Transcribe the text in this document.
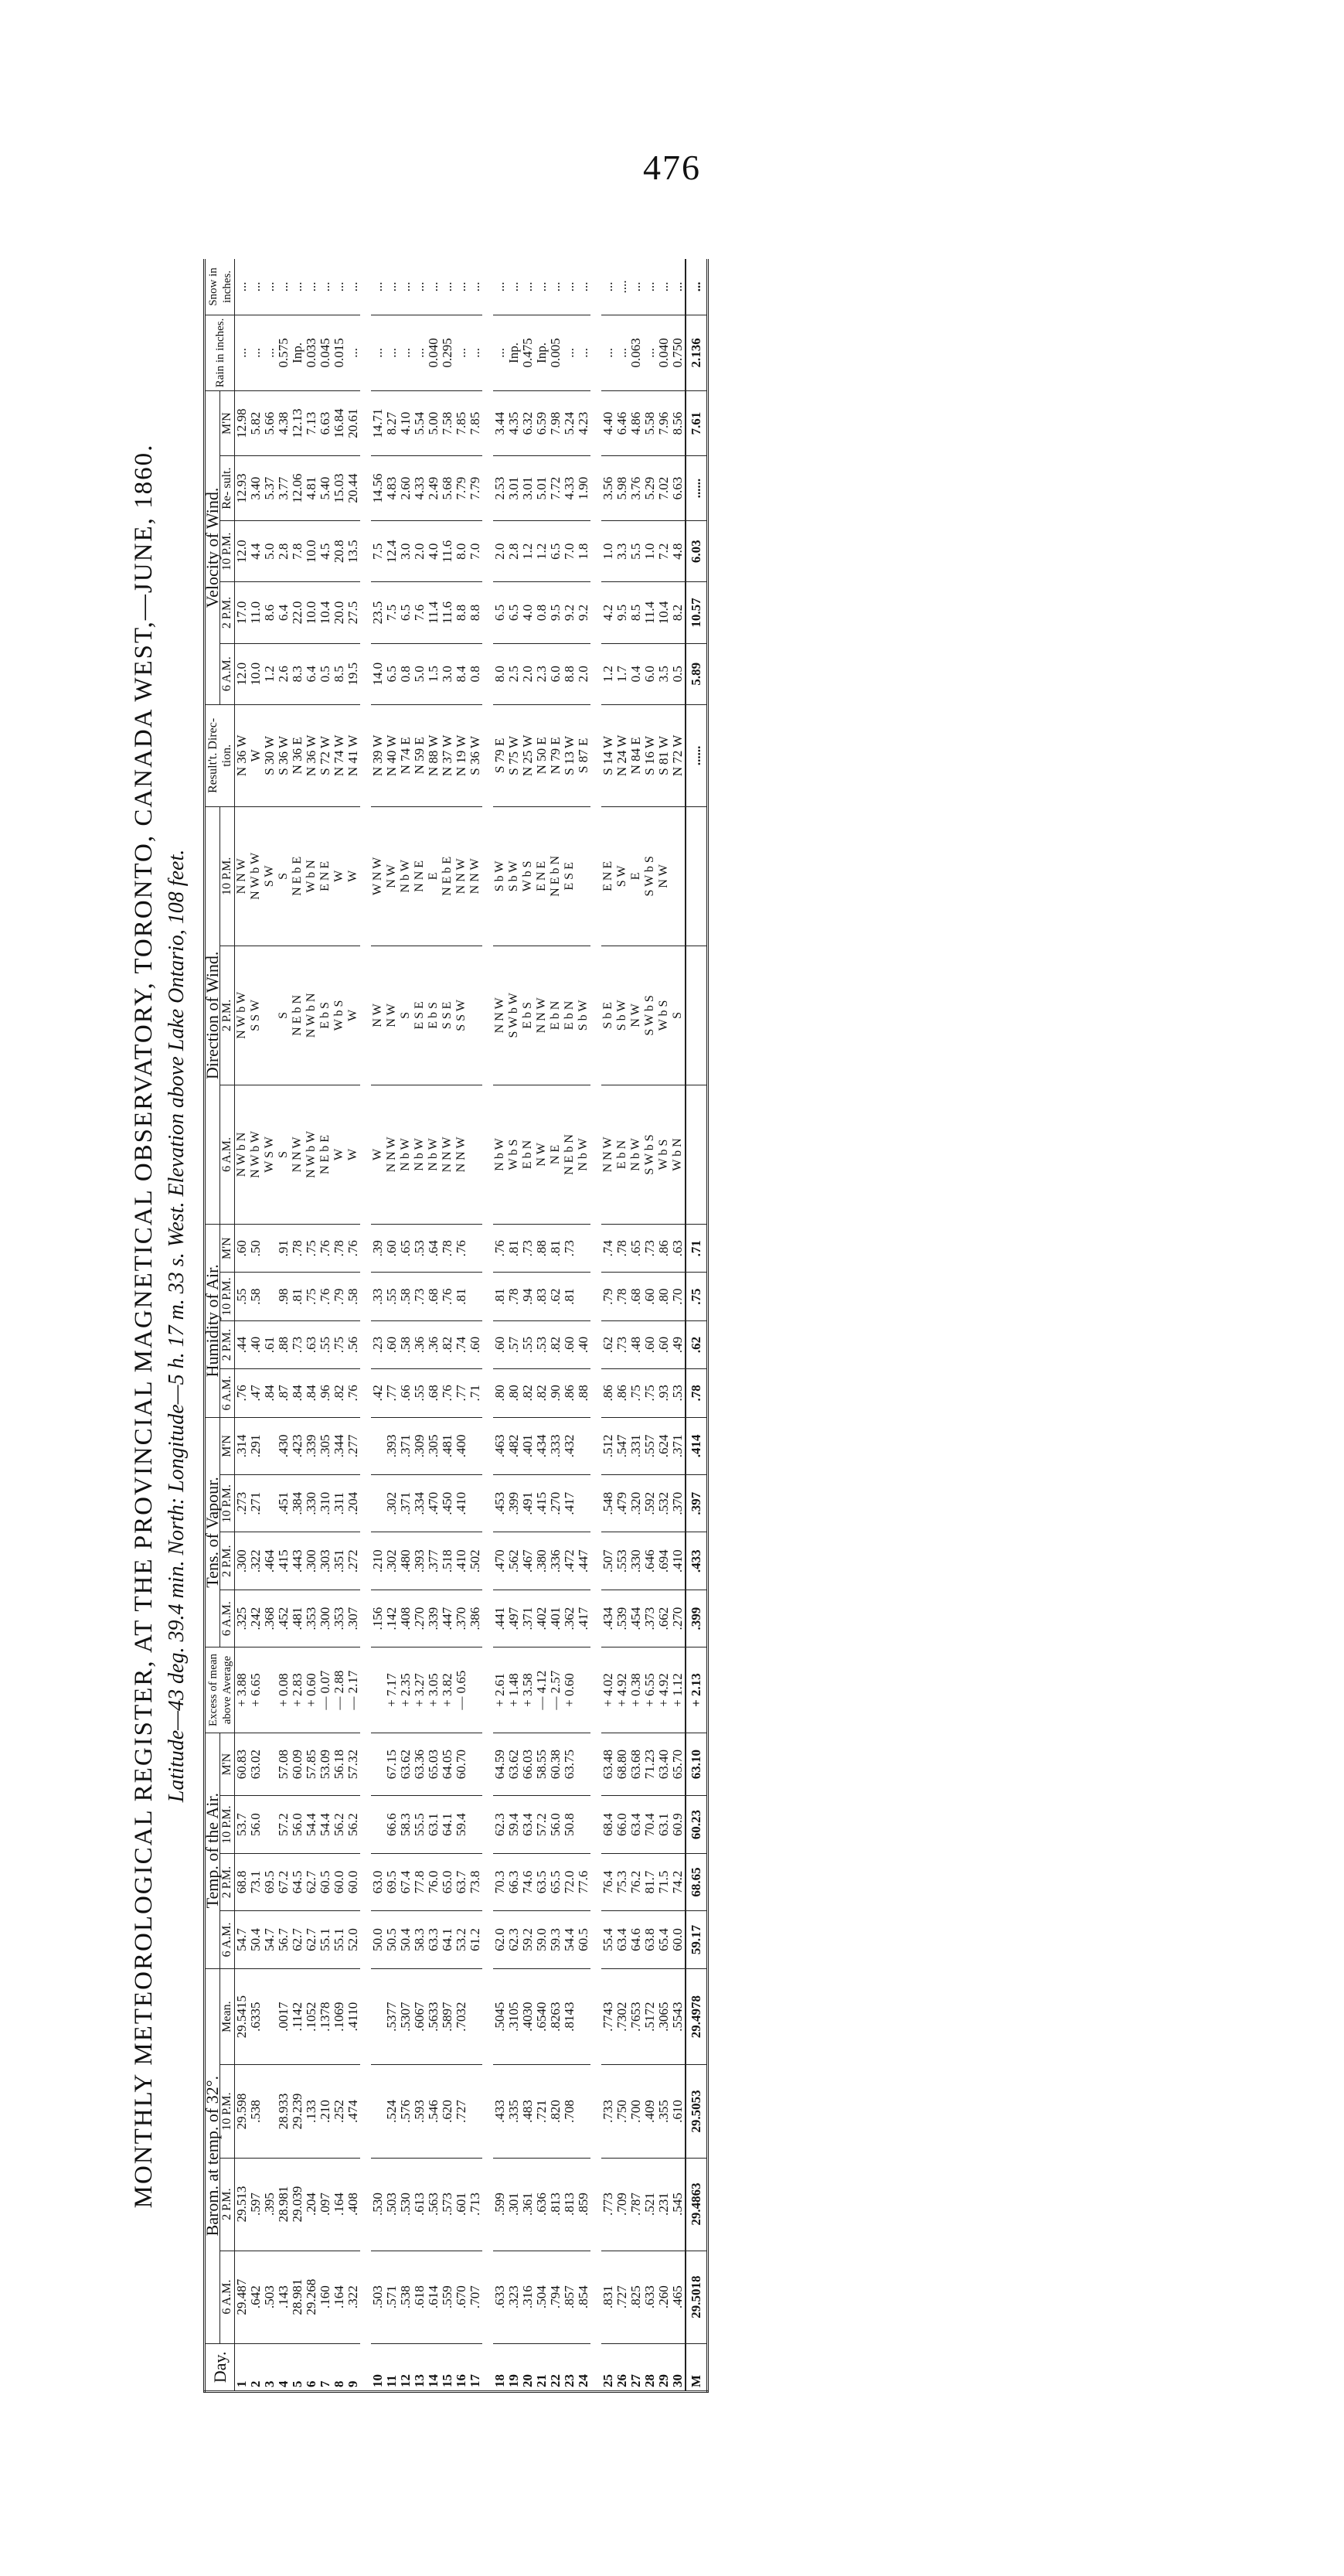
476
MONTHLY METEOROLOGICAL REGISTER, AT THE PROVINCIAL MAGNETICAL OBSERVATORY, TORONTO, CANADA WEST,—JUNE, 1860. Latitude—43 deg. 39.4 min. North: Longitude—5 h. 17 m. 33 s. West. Elevation above Lake Ontario, 108 feet.
Day.	Barom. at temp. of 32°.				Temp. of the Air.				Excess of mean above Average	Tens. of Vapour.				Humidity of Air.				Direction of Wind.			Result't. Direc- tion.	Velocity of Wind.					Rain in inches.	Snow in inches.
	6 A.M.	2 P.M.	10 P.M.	Mean.	6 A.M.	2 P.M.	10 P.M.	M'N		6 A.M.	2 P.M.	10 P.M.	M'N	6 A.M.	2 P.M.	10 P.M.	M'N	6 A.M.	2 P.M.	10 P.M.		6 A.M.	2 P.M.	10 P.M.	Re- sult.	M'N		
1	29.487	29.513	29.598	29.5415	54.7	68.8	53.7	60.83	+ 3.88	.325	.300	.273	.314	.76	.44	.55	.60	N W b N	N W b W	N N W	N 36 W	12.0	17.0	12.0	12.93	12.98	...	...
2	.642	.597	.538	.6335	50.4	73.1	56.0	63.02	+ 6.65	.242	.322	.271	.291	.47	.40	.58	.50	N W b W	S S W	N W b W	W	10.0	11.0	4.4	3.40	5.82	...	...
3	.503	.395			54.7	69.5				.368	.464			.84	.61			W S W		S W	S 30 W	1.2	8.6	5.0	5.37	5.66	...	...
4	.143	28.981	28.933	.0017	56.7	67.2	57.2	57.08	+ 0.08	.452	.415	.451	.430	.87	.88	.98	.91	S	S	S	S 36 W	2.6	6.4	2.8	3.77	4.38	0.575	...
5	28.981	29.039	29.239	.1142	62.7	64.5	56.0	60.09	+ 2.83	.481	.443	.384	.423	.84	.73	.81	.78	N N W	N E b N	N E b E	N 36 E	8.3	22.0	7.8	12.06	12.13	Inp.	...
6	29.268	.204	.133	.1052	62.7	62.7	54.4	57.85	+ 0.60	.353	.300	.330	.339	.84	.63	.75	.75	N W b W	N W b N	W b N	N 36 W	6.4	10.0	10.0	4.81	7.13	0.033	...
7	.160	.097	.210	.1378	55.1	60.5	54.4	53.09	— 0.07	.300	.303	.310	.305	.96	.55	.76	.76	N E b E	E b S	E N E	S 72 W	0.5	10.4	4.5	5.40	6.63	0.045	...
8	.164	.164	.252	.1069	55.1	60.0	56.2	56.18	— 2.88	.353	.351	.311	.344	.82	.75	.79	.78	W	W b S	W	N 74 W	8.5	20.0	20.8	15.03	16.84	0.015	...
9	.322	.408	.474	.4110	52.0	60.0	56.2	57.32	— 2.17	.307	.272	.204	.277	.76	.56	.58	.76	W	W	W	N 41 W	19.5	27.5	13.5	20.44	20.61	...	...

10	.503	.530			50.0	63.0				.156	.210			.42	.23	.33	.39	W	N W	W N W	N 39 W	14.0	23.5	7.5	14.56	14.71	...	...
11	.571	.503	.524	.5377	50.5	69.5	66.6	67.15	+ 7.17	.142	.302	.302	.393	.77	.60	.55	.60	N N W	N W	N W	N 40 W	6.5	7.5	12.4	4.83	8.27	...	...
12	.538	.530	.576	.5307	50.4	67.4	58.3	63.62	+ 2.35	.408	.480	.371	.371	.66	.58	.58	.65	N b W	S	N b W	N 74 E	0.8	6.5	3.0	2.60	4.10	...	...
13	.618	.613	.593	.6067	58.3	77.8	55.5	63.36	+ 3.27	.270	.393	.334	.309	.55	.36	.73	.53	N b W	E S E	N N E	N 59 E	5.0	7.6	2.0	4.33	5.54	...	...
14	.614	.563	.546	.5633	63.3	76.0	63.1	65.03	+ 3.05	.339	.377	.470	.305	.68	.36	.68	.64	N b W	E b S	E	N 88 W	1.5	11.4	4.0	2.49	5.00	0.040	...
15	.559	.573	.620	.5897	64.1	65.0	64.1	64.05	+ 3.82	.447	.518	.450	.481	.76	.82	.76	.78	N N W	S S E	N E b E	N 37 W	3.0	11.6	11.6	5.68	7.58	0.295	...
16	.670	.601	.727	.7032	53.2	63.7	59.4	60.70	— 0.65	.370	.410	.410	.400	.77	.74	.81	.76	N N W	S S W	N N W	N 19 W	8.4	8.8	8.0	7.79	7.85	...	...
17	.707	.713			61.2	73.8				.386	.502			.71	.60					N N W	S 36 W	0.8	8.8	7.0	7.79	7.85	...	...

18	.633	.599	.433	.5045	62.0	70.3	62.3	64.59	+ 2.61	.441	.470	.453	.463	.80	.60	.81	.76	N b W	N N W	S b W	S 79 E	8.0	6.5	2.0	2.53	3.44	...	...
19	.323	.301	.335	.3105	62.3	66.3	59.4	63.62	+ 1.48	.497	.562	.399	.482	.80	.57	.78	.81	W b S	S W b W	S b W	S 75 W	2.5	6.5	2.8	3.01	4.35	Inp.	...
20	.316	.361	.483	.4030	59.2	74.6	63.4	66.03	+ 3.58	.371	.467	.491	.401	.82	.55	.94	.73	E b N	E b S	W b S	N 25 W	2.0	4.0	1.2	3.01	6.32	0.475	...
21	.504	.636	.721	.6540	59.0	63.5	57.2	58.55	— 4.12	.402	.380	.415	.434	.82	.53	.83	.88	N W	N N W	E N E	N 50 E	2.3	0.8	1.2	5.01	6.59	Inp.	...
22	.794	.813	.820	.8263	59.3	65.5	56.0	60.38	— 2.57	.401	.336	.270	.333	.90	.82	.62	.81	N E	E b N	N E b N	N 79 E	6.0	9.5	6.5	7.72	7.98	0.005	...
23	.857	.813	.708	.8143	54.4	72.0	50.8	63.75	+ 0.60	.362	.472	.417	.432	.86	.60	.81	.73	N E b N	E b N	E S E	S 13 W	8.8	9.2	7.0	4.33	5.24	...	...
24	.854	.859			60.5	77.6				.417	.447			.88	.40			N b W	S b W		S 87 E	2.0	9.2	1.8	1.90	4.23	...	...

25	.831	.773	.733	.7743	55.4	76.4	68.4	63.48	+ 4.02	.434	.507	.548	.512	.86	.62	.79	.74	N N W	S b E	E N E	S 14 W	1.2	4.2	1.0	3.56	4.40	...	...
26	.727	.709	.750	.7302	63.4	75.3	66.0	68.80	+ 4.92	.539	.553	.479	.547	.86	.73	.78	.78	E b N	S b W	S W	N 24 W	1.7	9.5	3.3	5.98	6.46	...	....
27	.825	.787	.700	.7653	64.6	76.2	63.4	63.68	+ 0.38	.454	.330	.320	.331	.75	.48	.68	.65	N b W	N W	E	N 84 E	0.4	8.5	5.5	3.76	4.86	0.063	...
28	.633	.521	.409	.5172	63.8	81.7	70.4	71.23	+ 6.55	.373	.646	.592	.557	.75	.60	.60	.73	S W b S	S W b S	S W b S	S 16 W	6.0	11.4	1.0	5.29	5.58	...	...
29	.260	.231	.355	.3065	65.4	71.5	63.1	63.40	+ 4.92	.662	.694	.532	.624	.93	.60	.80	.86	W b S	W b S	N W	S 81 W	3.5	10.4	7.2	7.02	7.96	0.040	...
30	.465	.545	.610	.5543	60.0	74.2	60.9	65.70	+ 1.12	.270	.410	.370	.371	.53	.49	.70	.63	W b N	S		N 72 W	0.5	8.2	4.8	6.63	8.56	0.750	...
M	29.5018	29.4863	29.5053	29.4978	59.17	68.65	60.23	63.10	+ 2.13	.399	.433	.397	.414	.78	.62	.75	.71				......	5.89	10.57	6.03	......	7.61	2.136	...
